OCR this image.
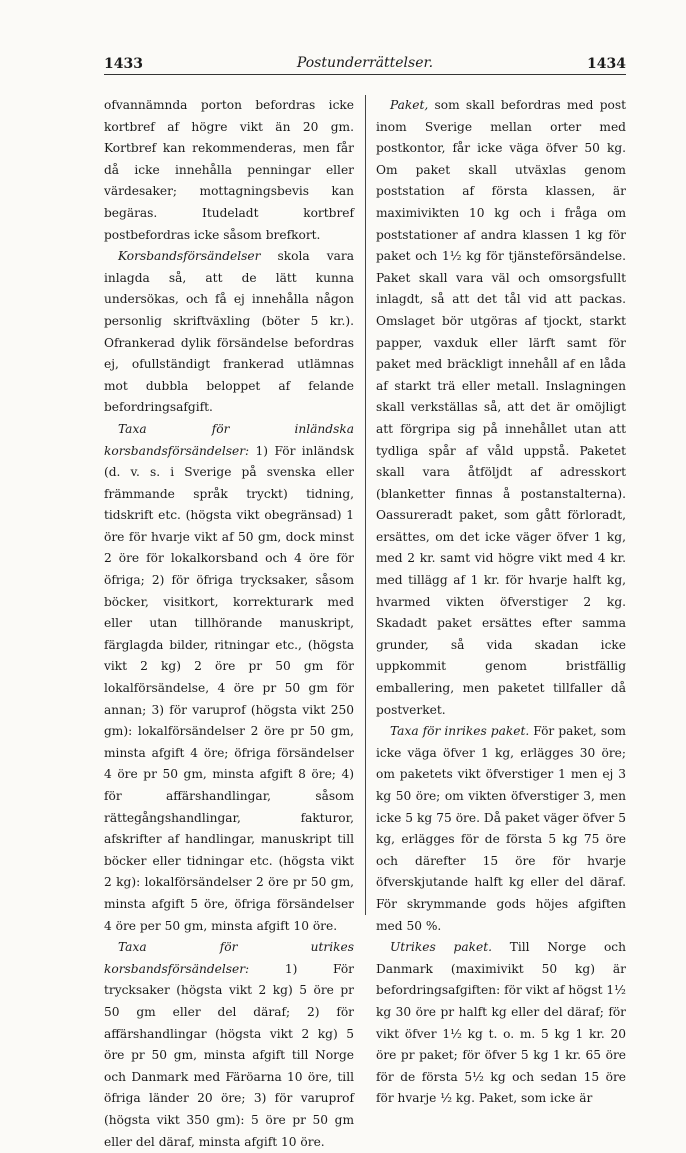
1433	Postunderrättelser.	1434

ofvannämnda porton befordras icke kortbref af högre vikt än 20 gm. Kortbref kan rekommenderas, men får då icke innehålla penningar eller värdesaker; mottagningsbevis kan begäras. Itudeladt kortbref postbefordras icke såsom brefkort.

Korsbandsförsändelser skola vara inlagda så, att de lätt kunna undersökas, och få ej innehålla någon personlig skriftväxling (böter 5 kr.). Ofrankerad dylik försändelse befordras ej, ofullständigt frankerad utlämnas mot dubbla beloppet af felande befordringsafgift.

Taxa för inländska korsbandsförsändelser: 1) För inländsk (d. v. s. i Sverige på svenska eller främmande språk tryckt) tidning, tidskrift etc. (högsta vikt obegränsad) 1 öre för hvarje vikt af 50 gm, dock minst 2 öre för lokalkorsband och 4 öre för öfriga; 2) för öfriga trycksaker, såsom böcker, visitkort, korrekturark med eller utan tillhörande manuskript, färglagda bilder, ritningar etc., (högsta vikt 2 kg) 2 öre pr 50 gm för lokalförsändelse, 4 öre pr 50 gm för annan; 3) för varuprof (högsta vikt 250 gm): lokalförsändelser 2 öre pr 50 gm, minsta afgift 4 öre; öfriga försändelser 4 öre pr 50 gm, minsta afgift 8 öre; 4) för affärshandlingar, såsom rättegångshandlingar, fakturor, afskrifter af handlingar, manuskript till böcker eller tidningar etc. (högsta vikt 2 kg): lokalförsändelser 2 öre pr 50 gm, minsta afgift 5 öre, öfriga försändelser 4 öre per 50 gm, minsta afgift 10 öre.

Taxa för utrikes korsbandsförsändelser: 1) För trycksaker (högsta vikt 2 kg) 5 öre pr 50 gm eller del däraf; 2) för affärshandlingar (högsta vikt 2 kg) 5 öre pr 50 gm, minsta afgift till Norge och Danmark med Färöarna 10 öre, till öfriga länder 20 öre; 3) för varuprof (högsta vikt 350 gm): 5 öre pr 50 gm eller del däraf, minsta afgift 10 öre.

Paket, som skall befordras med post inom Sverige mellan orter med postkontor, får icke väga öfver 50 kg. Om paket skall utväxlas genom poststation af första klassen, är maximivikten 10 kg och i fråga om poststationer af andra klassen 1 kg för paket och 1½ kg för tjänsteförsändelse. Paket skall vara väl och omsorgsfullt inlagdt, så att det tål vid att packas. Omslaget bör utgöras af tjockt, starkt papper, vaxduk eller lärft samt för paket med bräckligt innehåll af en låda af starkt trä eller metall. Inslagningen skall verkställas så, att det är omöjligt att förgripa sig på innehållet utan att tydliga spår af våld uppstå. Paketet skall vara åtföljdt af adresskort (blanketter finnas å postanstalterna). Oassureradt paket, som gått förloradt, ersättes, om det icke väger öfver 1 kg, med 2 kr. samt vid högre vikt med 4 kr. med tillägg af 1 kr. för hvarje halft kg, hvarmed vikten öfverstiger 2 kg. Skadadt paket ersättes efter samma grunder, så vida skadan icke uppkommit genom bristfällig emballering, men paketet tillfaller då postverket.

Taxa för inrikes paket. För paket, som icke väga öfver 1 kg, erlägges 30 öre; om paketets vikt öfverstiger 1 men ej 3 kg 50 öre; om vikten öfverstiger 3, men icke 5 kg 75 öre. Då paket väger öfver 5 kg, erlägges för de första 5 kg 75 öre och därefter 15 öre för hvarje öfverskjutande halft kg eller del däraf. För skrymmande gods höjes afgiften med 50 %.

Utrikes paket. Till Norge och Danmark (maximivikt 50 kg) är befordringsafgiften: för vikt af högst 1½ kg 30 öre pr halft kg eller del däraf; för vikt öfver 1½ kg t. o. m. 5 kg 1 kr. 20 öre pr paket; för öfver 5 kg 1 kr. 65 öre för de första 5½ kg och sedan 15 öre för hvarje ½ kg. Paket, som icke är
